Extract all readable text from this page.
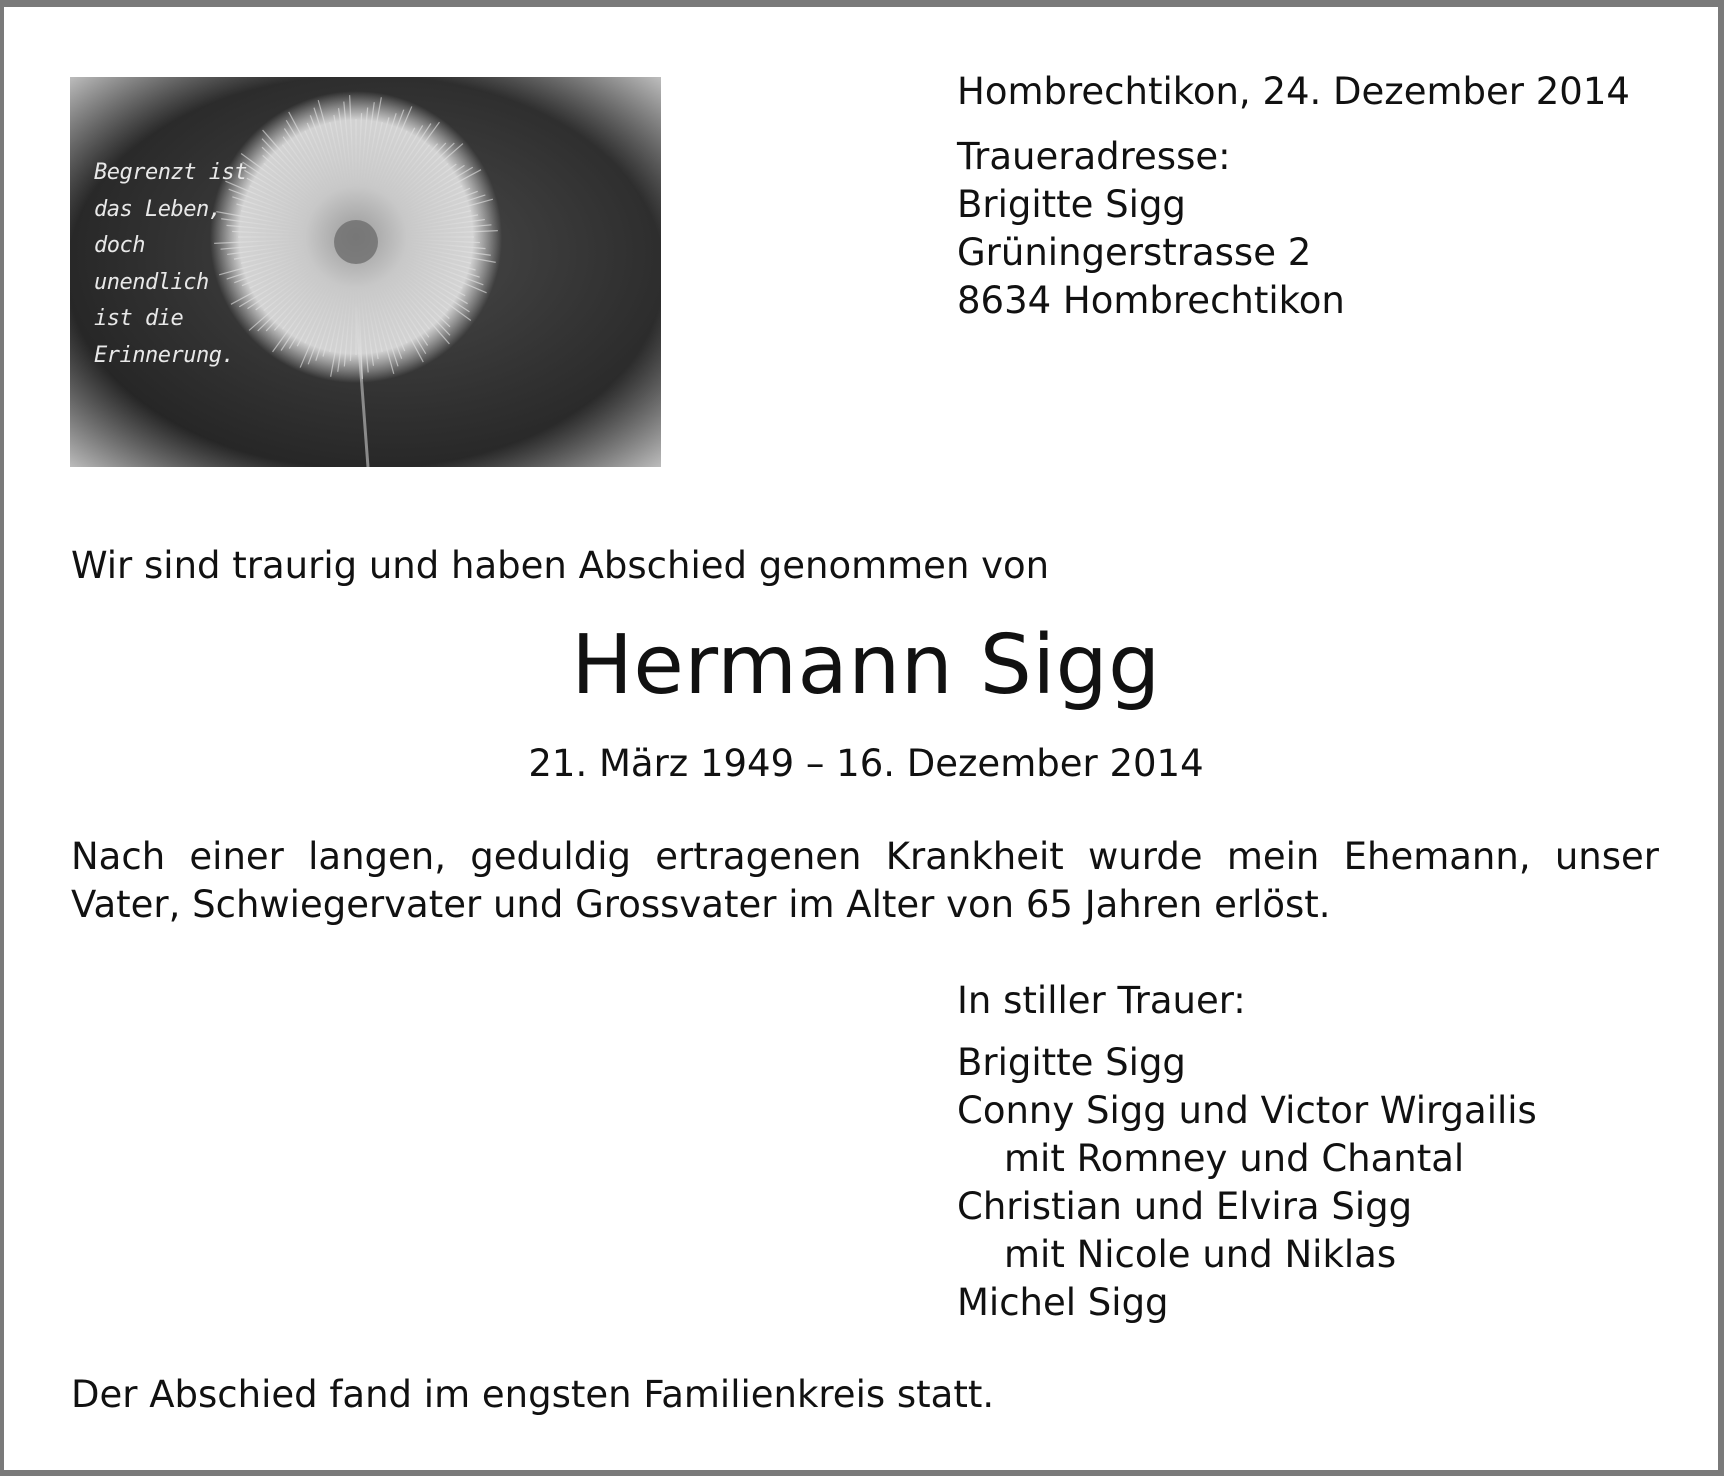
Begrenzt ist
das Leben,
doch
unendlich
ist die
Erinnerung.
Hombrechtikon, 24. Dezember 2014
Traueradresse:
Brigitte Sigg
Grüningerstrasse 2
8634 Hombrechtikon
Wir sind traurig und haben Abschied genommen von
Hermann Sigg
21. März 1949 – 16. Dezember 2014
Nach einer langen, geduldig ertragenen Krankheit wurde mein Ehemann, unser Vater, Schwiegervater und Grossvater im Alter von 65 Jahren erlöst.
In stiller Trauer:
Brigitte Sigg
Conny Sigg und Victor Wirgailis
mit Romney und Chantal
Christian und Elvira Sigg
mit Nicole und Niklas
Michel Sigg
Der Abschied fand im engsten Familienkreis statt.
